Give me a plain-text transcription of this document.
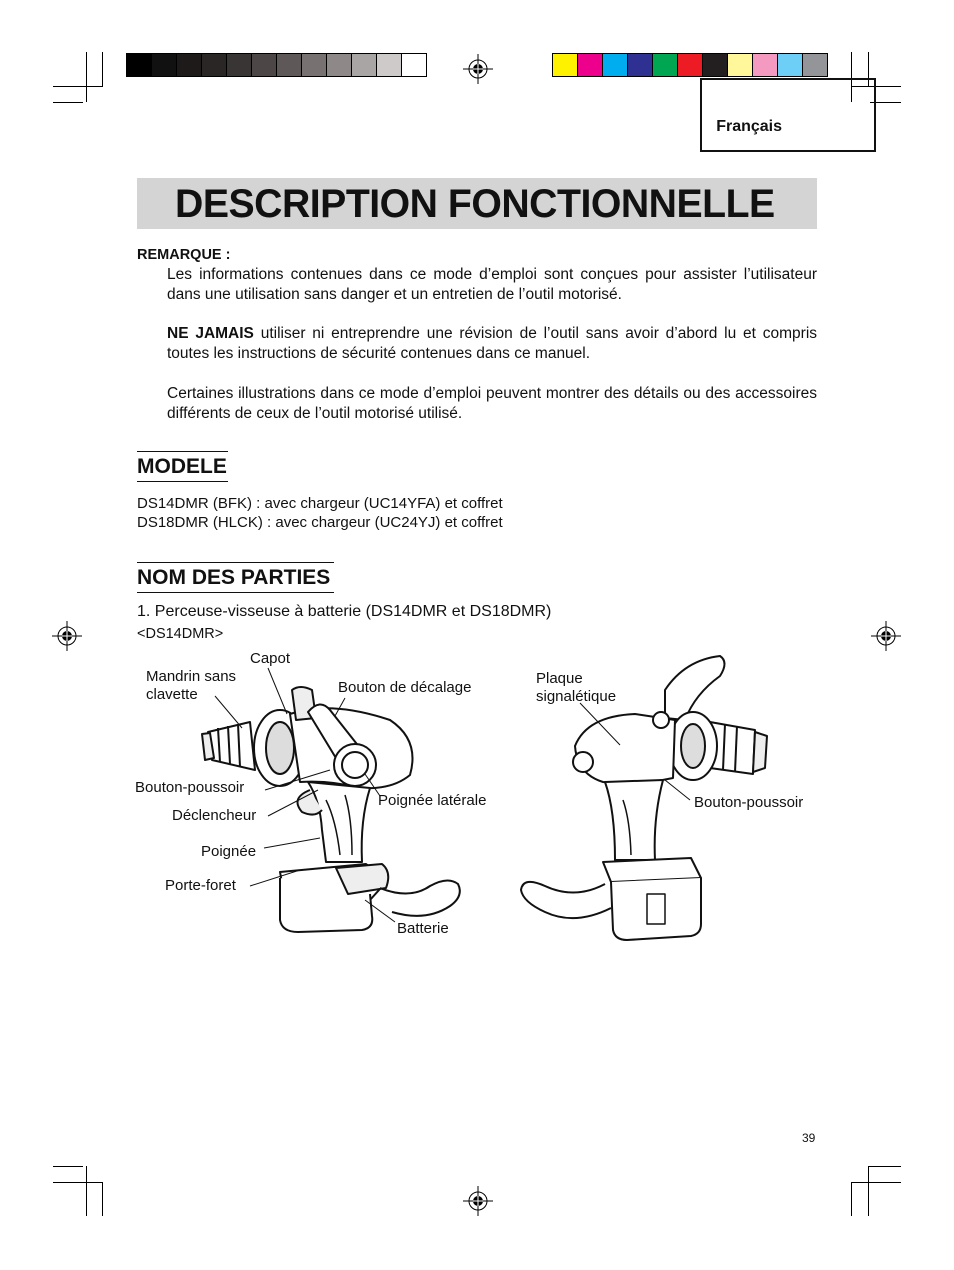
Français
DESCRIPTION FONCTIONNELLE
REMARQUE :
Les informations contenues dans ce mode d’emploi sont conçues pour assister l’utilisateur dans une utilisation sans danger et un entretien de l’outil motorisé.
NE JAMAIS utiliser ni entreprendre une révision de l’outil sans avoir d’abord lu et compris toutes les instructions de sécurité contenues dans ce manuel.
Certaines illustrations dans ce mode d’emploi peuvent montrer des détails ou des accessoires différents de ceux de l’outil motorisé utilisé.
MODELE
DS14DMR (BFK) : avec chargeur (UC14YFA) et coffret
DS18DMR (HLCK) : avec chargeur (UC24YJ) et coffret
NOM DES PARTIES
1. Perceuse-visseuse à batterie (DS14DMR et DS18DMR)
<DS14DMR>
Capot
Mandrin sans
clavette	Bouton de décalage
Plaque
signalétique
Bouton-poussoir
Poignée latérale
Déclencheur
Bouton-poussoir
Poignée
Porte-foret
Batterie
39
